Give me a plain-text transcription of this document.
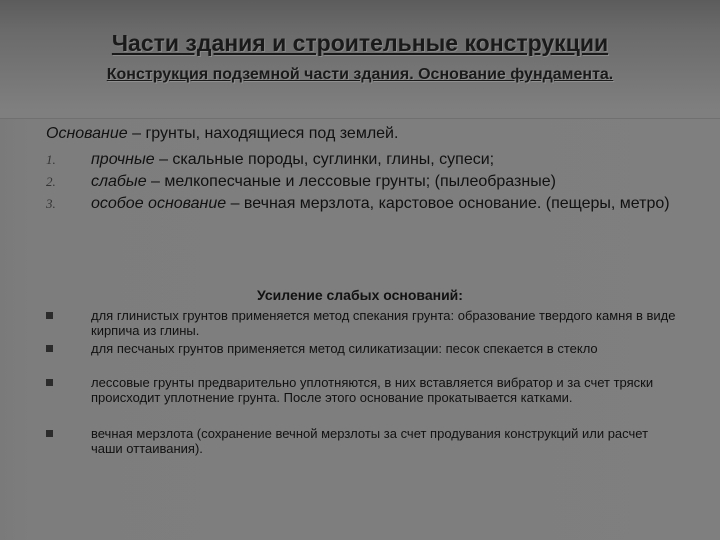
Части здания и строительные конструкции
Конструкция подземной части здания. Основание фундамента.
Основание – грунты, находящиеся под землей.
1. прочные – скальные породы, суглинки, глины, супеси;
2. слабые – мелкопесчаные и лессовые грунты; (пылеобразные)
3. особое основание – вечная мерзлота, карстовое основание. (пещеры, метро)
Усиление слабых оснований:
для глинистых грунтов применяется метод спекания грунта: образование твердого камня в виде кирпича из глины.
для песчаных грунтов применяется метод силикатизации: песок спекается в стекло
лессовые грунты предварительно уплотняются, в них вставляется вибратор и за счет тряски происходит уплотнение грунта. После этого основание прокатывается катками.
вечная мерзлота (сохранение вечной мерзлоты за счет продувания конструкций или расчет чаши оттаивания).
